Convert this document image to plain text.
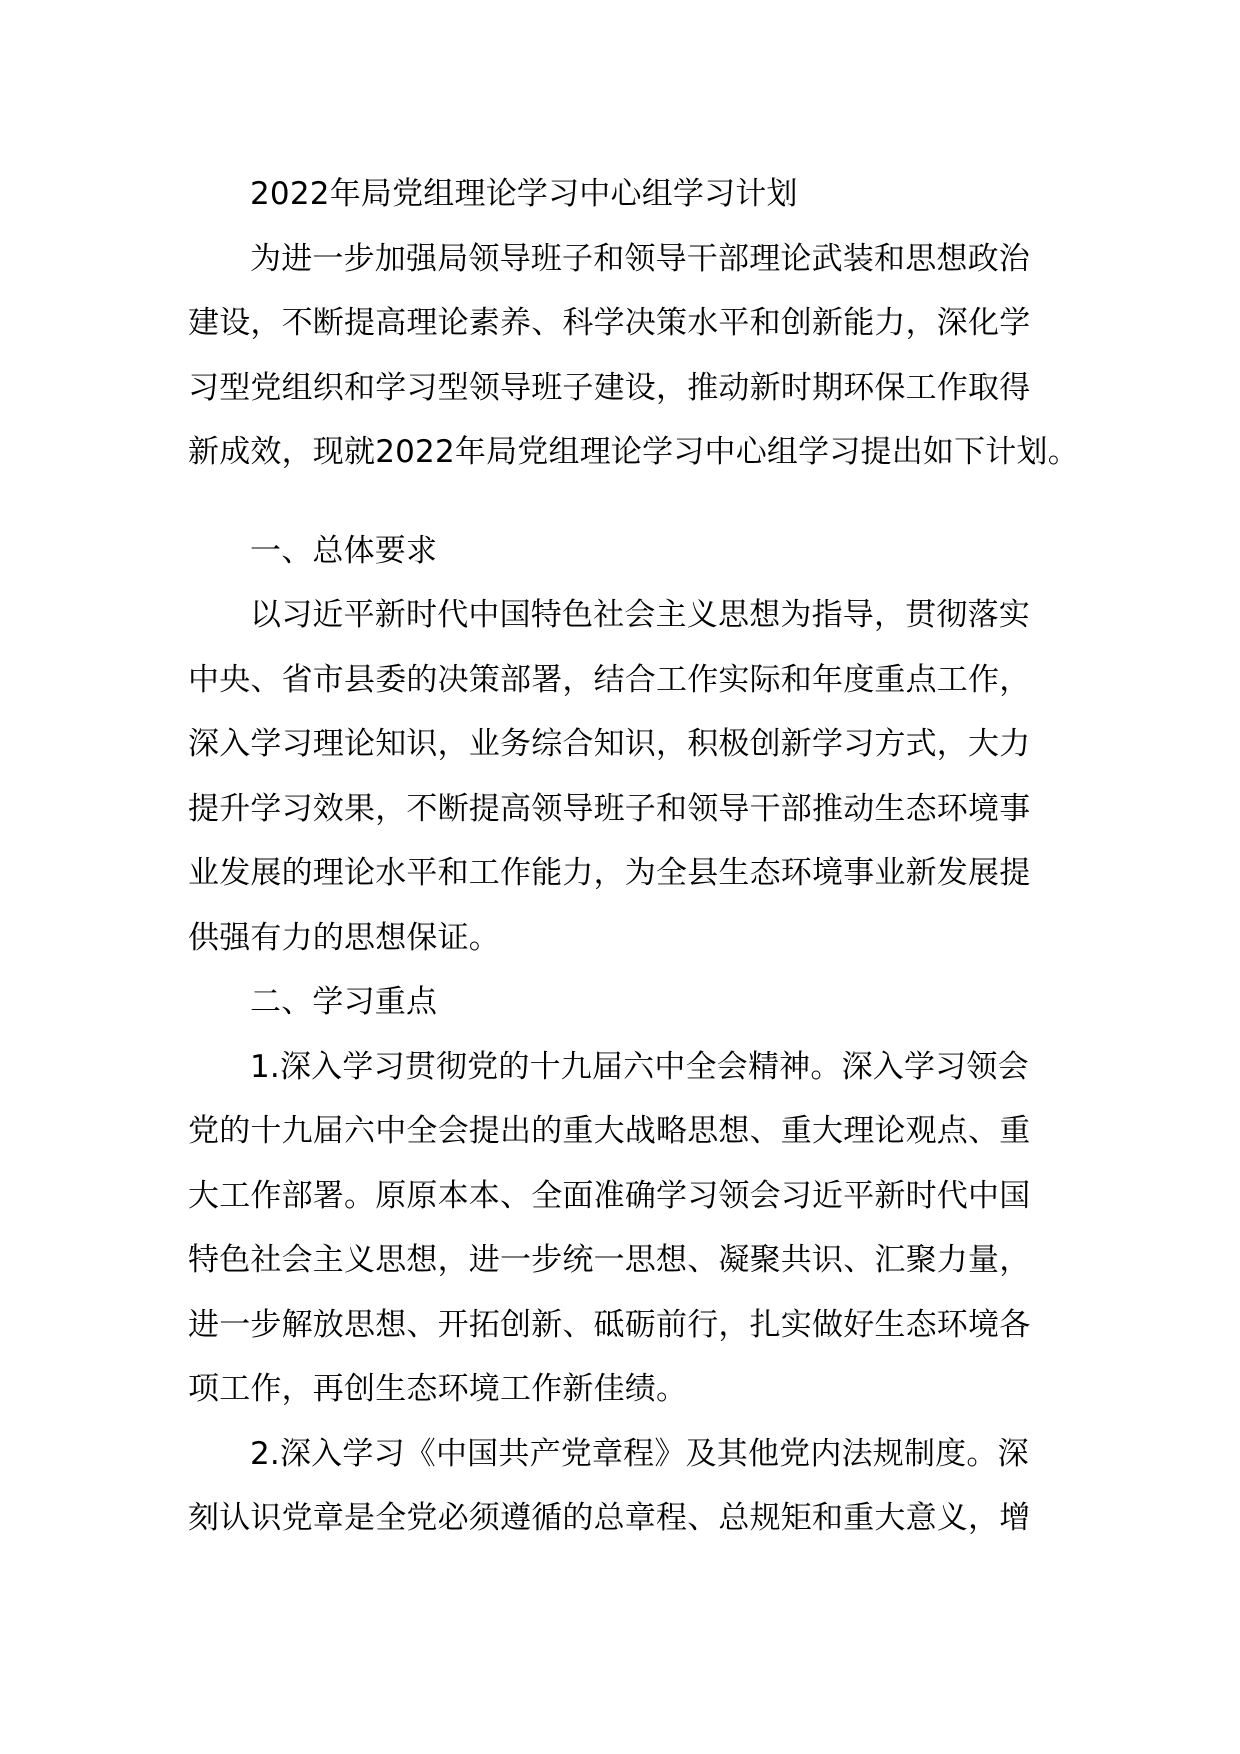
2022年局党组理论学习中心组学习计划
为进一步加强局领导班子和领导干部理论武装和思想政治
建设，不断提高理论素养、科学决策水平和创新能力，深化学
习型党组织和学习型领导班子建设，推动新时期环保工作取得
新成效，现就2022年局党组理论学习中心组学习提出如下计划。
一、总体要求
以习近平新时代中国特色社会主义思想为指导，贯彻落实
中央、省市县委的决策部署，结合工作实际和年度重点工作，
深入学习理论知识，业务综合知识，积极创新学习方式，大力
提升学习效果，不断提高领导班子和领导干部推动生态环境事
业发展的理论水平和工作能力，为全县生态环境事业新发展提
供强有力的思想保证。
二、学习重点
1.深入学习贯彻党的十九届六中全会精神。深入学习领会
党的十九届六中全会提出的重大战略思想、重大理论观点、重
大工作部署。原原本本、全面准确学习领会习近平新时代中国
特色社会主义思想，进一步统一思想、凝聚共识、汇聚力量，
进一步解放思想、开拓创新、砥砺前行，扎实做好生态环境各
项工作，再创生态环境工作新佳绩。
2.深入学习《中国共产党章程》及其他党内法规制度。深
刻认识党章是全党必须遵循的总章程、总规矩和重大意义，增
